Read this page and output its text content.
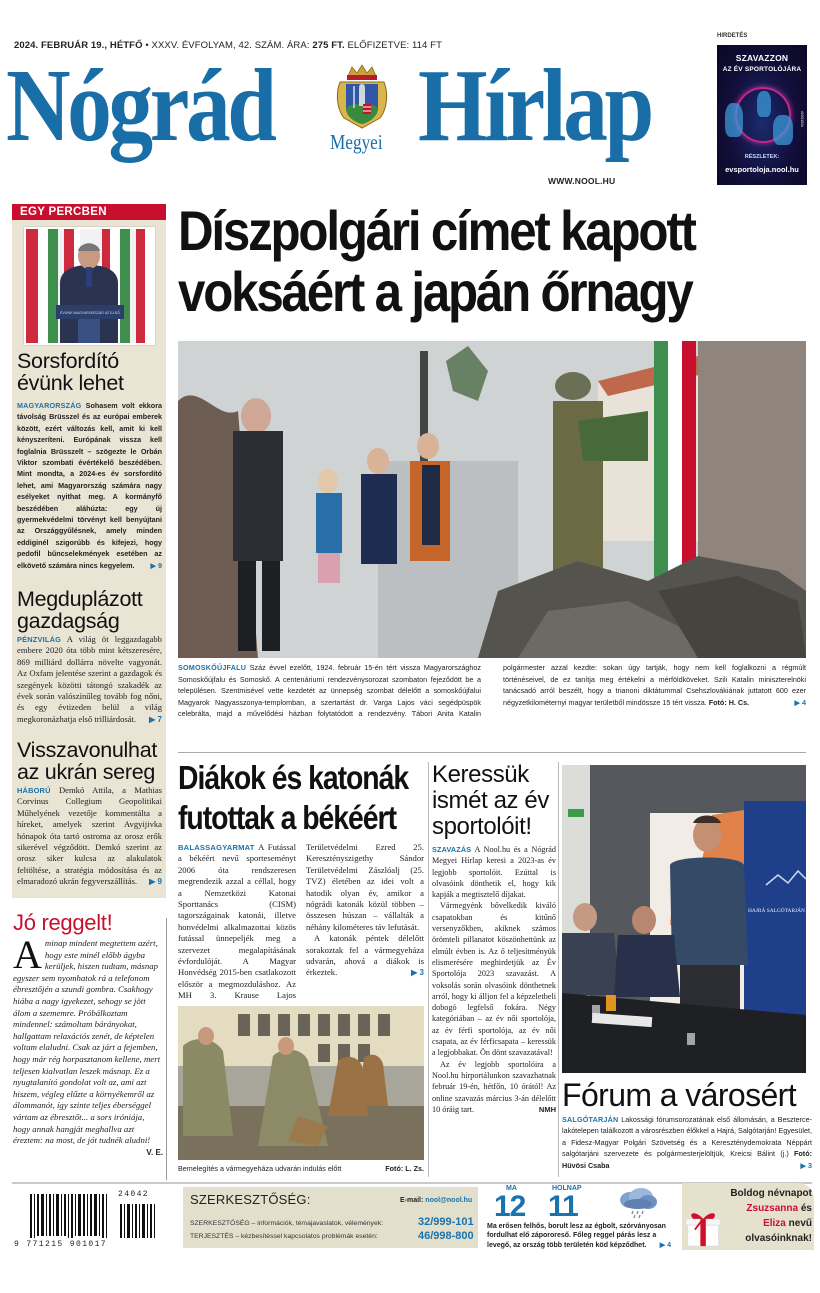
2024. FEBRUÁR 19., HÉTFŐ • XXXV. ÉVFOLYAM, 42. SZÁM. ÁRA: 275 FT. ELŐFIZETVE: 114 FT
Nógrád	Megyei Hírlap
WWW.NOOL.HU
HIRDETÉS
SZAVAZZON
AZ ÉV SPORTOLÓJÁRA
•933153•
RÉSZLETEK:
evsportoloja.nool.hu
EGY PERCBEN
ÉVÜNK MAGYARORSZÁG AZ ELSŐ
Sorsfordító
évünk lehet
MAGYARORSZÁG Sohasem volt ekkora távolság Brüsszel és az európai emberek között, ezért változás kell, amit ki kell kényszeríteni. Európának vissza kell foglalnia Brüsszelt – szögezte le Orbán Viktor szombati évértékelő beszédében. Mint mondta, a 2024-es év sorsfordító lehet, ami Magyarország számára nagy esélyeket nyithat meg. A kormányfő beszédében aláhúzta: egy új gyermekvédelmi törvényt kell benyújtani az Országgyűlésnek, amely minden eddiginél szigorúbb és kifejezi, hogy pedofil bűncselekmények esetében az elkövető számára nincs kegyelem. ▶ 9
Megduplázott
gazdagság
PÉNZVILÁG A világ öt leggazdagabb embere 2020 óta több mint kétszeresére, 869 milliárd dollárra növelte vagyonát. Az Oxfam jelentése szerint a gazdagok és szegények közötti tátongó szakadék az évek során valószínűleg tovább fog nőni, és egy évtizeden belül a világ megkoronázhatja első trilliárdosát. ▶ 7
Visszavonulhat
az ukrán sereg
HÁBORÚ Demkó Attila, a Mathias Corvinus Collegium Geopolitikai Műhelyének vezetője kommentálta a híreket, amelyek szerint Avgyijivka hónapok óta tartó ostroma az orosz erők sikerével végződött. Demkó szerint az orosz siker kulcsa az alakulatok feltöltése, a stratégia módosítása és az elmaradozó ukrán fegyverszállítás. ▶ 9
Jó reggelt!
A minap mindent megtettem azért, hogy este minél előbb ágyba kerüljek, hiszen tudtam, másnap egyszer sem nyomhatok rá a telefonom ébresztőjén a szundi gombra. Csakhogy hiába a nagy igyekezet, sehogy se jött álom a szememre. Próbálkoztam mindennel: számoltam bárányokat, hallgattam relaxációs zenét, de képtelen voltam elaludni. Csak az járt a fejemben, hogy már rég horpasztanom kellene, mert teljesen kialvatlan leszek másnap. Ez a nyugtalanító gondolat volt az, ami azt hiszem, végleg elűzte a környékemről az álommanót, így szinte teljes éberséggel vártam az ébresztőt... a sors iróniája, hogy annak hangját meghallva azt éreztem: na most, de jót tudnék aludni!
V. E.
Díszpolgári címet kapott
voksáért a japán őrnagy
SOMOSKŐÚJFALU Száz évvel ezelőtt, 1924. február 15-én tért vissza Magyarországhoz Somoskőújfalu és Somoskő. A centenáriumi rendezvénysorozat szombaton fejeződött be a településen. Szentmisével vette kezdetét az ünnepség szombat délelőtt a somoskőújfalui Magyarok Nagyasszonya-templomban, a szertartást dr. Varga Lajos váci segédpüspök celebrálta, majd a művelődési házban folytatódott a rendezvény. Tábori Anita Katalin polgármester azzal kezdte: sokan úgy tartják, hogy nem kell foglalkozni a régmúlt történéseivel, de ez tanítja meg értékelni a mérföldköveket. Szili Katalin miniszterelnöki tanácsadó arról beszélt, hogy a trianoni diktátummal Csehszlovákiának juttatott 600 ezer négyzetkilométernyi magyar területből mindössze 15 tért vissza. Fotó: H. Cs.	▶ 4
Diákok és katonák
futottak a békéért

BALASSAGYARMAT A Futással a békéért nevű sporteseményt 2006 óta rendszeresen megrendezik azzal a céllal, hogy a Nemzetközi Katonai Sporttanács (CISM) tagországainak katonái, illetve honvédelmi alkalmazottai közös futással ünnepeljék meg a szervezet megalapításának évfordulóját. A Magyar Honvédség 2015-ben csatlakozott először a megmozduláshoz. Az MH 3. Krause Lajos Területvédelmi Ezred 25. Keresztényszigethy Sándor Területvédelmi Zászlóalj (25. TVZ) életében az idei volt a hatodik olyan év, amikor a nógrádi katonák közül többen – összesen húszan – vállalták a néhány kilométeres táv lefutását.

A katonák péntek délelőtt sorakoztak fel a vármegyeháza udvarán, ahová a diákok is érkeztek.	▶ 3

Bemelegítés a vármegyeháza udvarán indulás előtt	Fotó: L. Zs.
Keressük
ismét az év
sportolóit!

SZAVAZÁS A Nool.hu és a Nógrád Megyei Hírlap keresi a 2023-as év legjobb sportolóit. Ezúttal is olvasóink dönthetik el, hogy kik kapják a megtisztelő díjakat.

Vármegyénk bővelkedik kiváló csapatokban és kitűnő versenyzőkben, akiknek számos örömteli pillanatot köszönhettünk az elmúlt évben is. Az ő teljesítményük elismerésére meghirdetjük az Év Sportolója 2023 szavazást. A voksolás során olvasóink dönthetnek arról, hogy ki álljon fel a képzeletbeli dobogó legfelső fokára. Négy kategóriában – az év női sportolója, az év férfi sportolója, az év női csapata, az év férficsapata – keressük a legjobbakat. Ön dönt szavazatával!

Az év legjobb sportolóira a Nool.hu hírportálunkon szavazhatnak február 19-én, hétfőn, 10 órától! Az online szavazás március 3-án délelőtt 10 óráig tart.	NMH

HAJRÁ SALGÓTARJÁN
Fórum a városért
SALGÓTARJÁN Lakossági fórumsorozatának első állomásán, a Beszterce-lakótelepen találkozott a városrészben élőkkel a Hajrá, Salgótarján! Egyesület, a Fidesz-Magyar Polgári Szövetség és a Kereszténydemokrata Néppárt salgótarjáni szervezete és polgármesterjelöltjük, Kreicsi Bálint (j.) Fotó: Hüvösi Csaba	▶ 3
24042
9 771215 901017
SZERKESZTŐSÉG:	E-mail: nool@nool.hu
SZERKESZTŐSÉG – információk, témajavaslatok, vélemények:	32/999-101
TERJESZTÉS – kézbesítéssel kapcsolatos problémák esetén:	46/998-800
MA
12
HOLNAP
11
Ma erősen felhős, borult lesz az égbolt, szórványosan fordulhat elő zápororeső. Főleg reggel párás lesz a levegő, az ország több területén köd képződhet. ▶ 4
Boldog névnapot
Zsuzsanna és
Eliza nevű
olvasóinknak!
